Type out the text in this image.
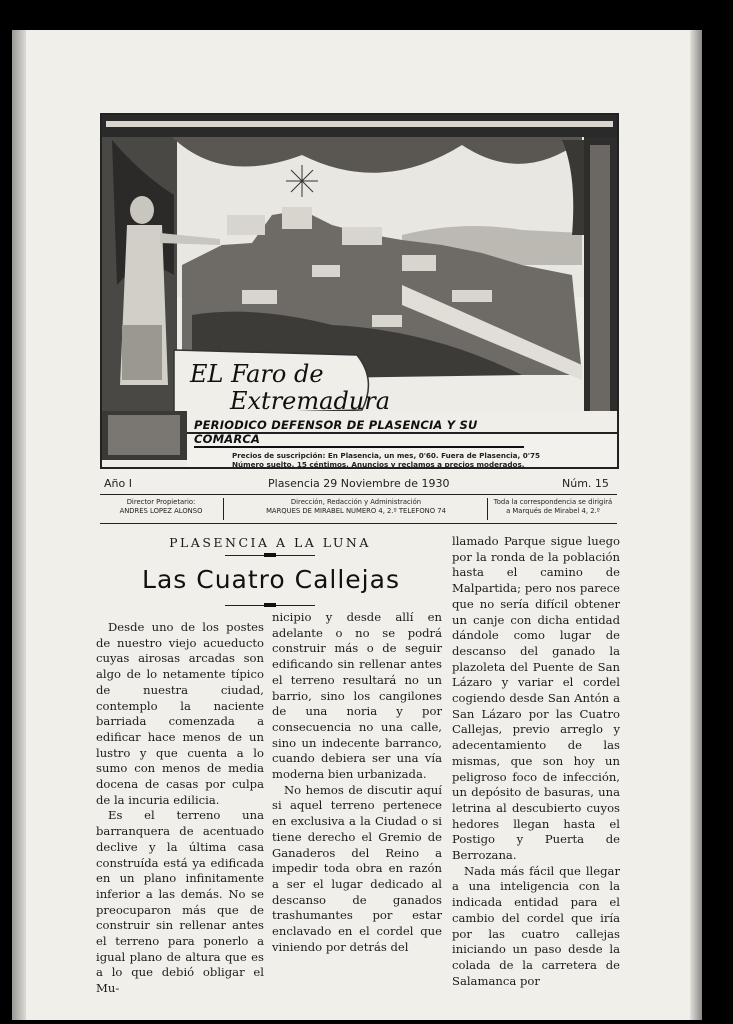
EL Faro de
Extremadura
PERIODICO DEFENSOR DE PLASENCIA Y SU COMARCA
Precios de suscripción: En Plasencia, un mes, 0'60. Fuera de Plasencia, 0'75
Número suelto, 15 céntimos. Anuncios y reclamos a precios moderados.
Año I	Plasencia 29 Noviembre de 1930	Núm. 15
Director Propietario:
ANDRES LOPEZ ALONSO
Dirección, Redacción y Administración
MARQUES DE MIRABEL NUMERO 4, 2.º TELEFONO 74
Toda la correspondencia se dirigirá
a Marqués de Mirabel 4, 2.º
PLASENCIA A LA LUNA
Las Cuatro Callejas

Desde uno de los postes de nuestro viejo acueducto cuyas airosas arcadas son algo de lo netamente típico de nuestra ciudad, contemplo la naciente barriada comenzada a edificar hace menos de un lustro y que cuenta a lo sumo con menos de media docena de casas por culpa de la incuria edilicia.

Es el terreno una barranquera de acentuado declive y la última casa construída está ya edificada en un plano infinitamente inferior a las demás. No se preocuparon más que de construir sin rellenar antes el terreno para ponerlo a igual plano de altura que es a lo que debió obligar el Mu-

nicipio y desde allí en adelante o no se podrá construir más o de seguir edificando sin rellenar antes el terreno resultará no un barrio, sino los cangilones de una noria y por consecuencia no una calle, sino un indecente barranco, cuando debiera ser una vía moderna bien urbanizada.

No hemos de discutir aquí si aquel terreno pertenece en exclusiva a la Ciudad o si tiene derecho el Gremio de Ganaderos del Reino a impedir toda obra en razón a ser el lugar dedicado al descanso de ganados trashumantes por estar enclavado en el cordel que viniendo por detrás del

llamado Parque sigue luego por la ronda de la población hasta el camino de Malpartida; pero nos parece que no sería difícil obtener un canje con dicha entidad dándole como lugar de descanso del ganado la plazoleta del Puente de San Lázaro y variar el cordel cogiendo desde San Antón a San Lázaro por las Cuatro Callejas, previo arreglo y adecentamiento de las mismas, que son hoy un peligroso foco de infección, un depósito de basuras, una letrina al descubierto cuyos hedores llegan hasta el Postigo y Puerta de Berrozana.

Nada más fácil que llegar a una inteligencia con la indicada entidad para el cambio del cordel que iría por las cuatro callejas iniciando un paso desde la colada de la carretera de Salamanca por
